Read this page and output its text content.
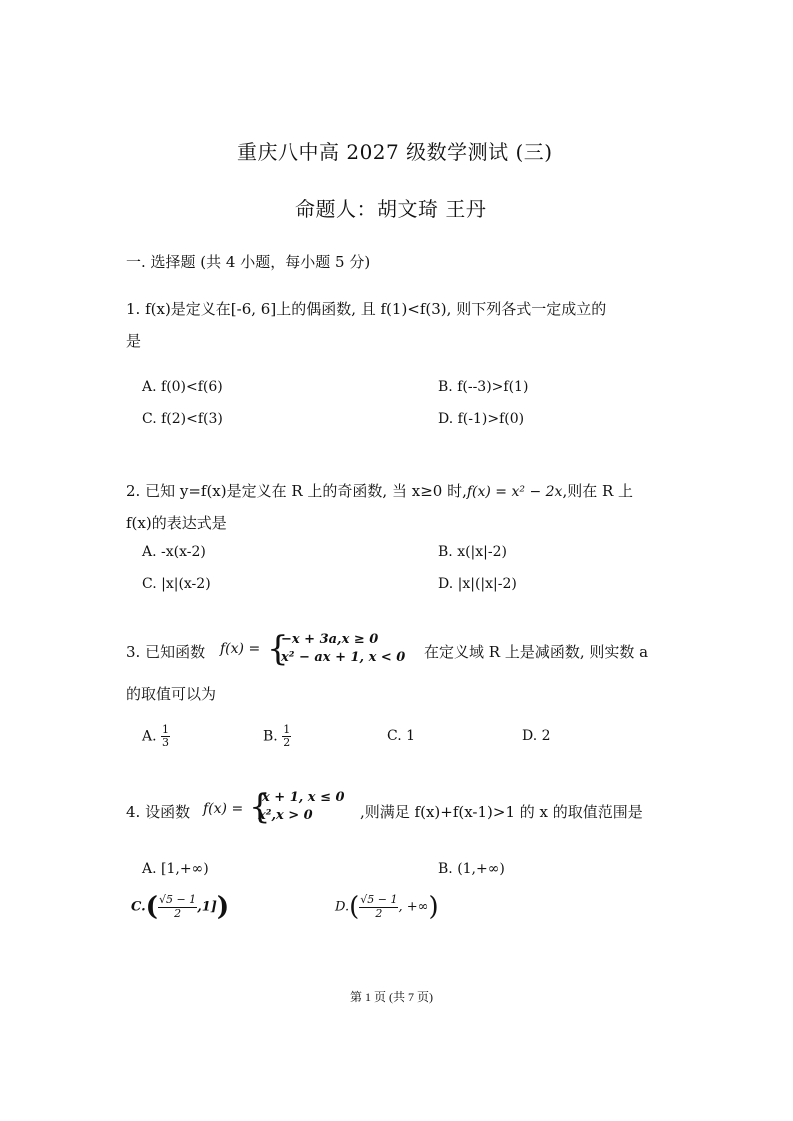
重庆八中高 2027 级数学测试 (三)
命题人：胡文琦 王丹
一. 选择题 (共 4 小题，每小题 5 分)
1. f(x)是定义在[-6, 6]上的偶函数, 且 f(1)<f(3), 则下列各式一定成立的
是
A. f(0)<f(6)	B. f(--3)>f(1)
C. f(2)<f(3)	D. f(-1)>f(0)
2. 已知 y=f(x)是定义在 R 上的奇函数, 当 x≥0 时,f(x) = x² − 2x,则在 R 上
f(x)的表达式是
A. -x(x-2)	B. x(|x|-2)
C. |x|(x-2)	D. |x|(|x|-2)
3. 已知函数 f(x) = {
−x + 3a,x ≥ 0
x² − ax + 1, x < 0 在定义域 R 上是减函数, 则实数 a
的取值可以为
A. $\frac{1}{3}$	B. $\frac{1}{2}$	C. 1	D. 2
4. 设函数 f(x) = {
x + 1, x ≤ 0
x²,x > 0	,则满足 f(x)+f(x-1)>1 的 x 的取值范围是
A. [1,+∞)	B. (1,+∞)
$C.( \frac{√5 - 1}{2} ,1]$)	$D.( \frac{√5 - 1}{2}$ , +∞)
第 1 页 (共 7 页)
